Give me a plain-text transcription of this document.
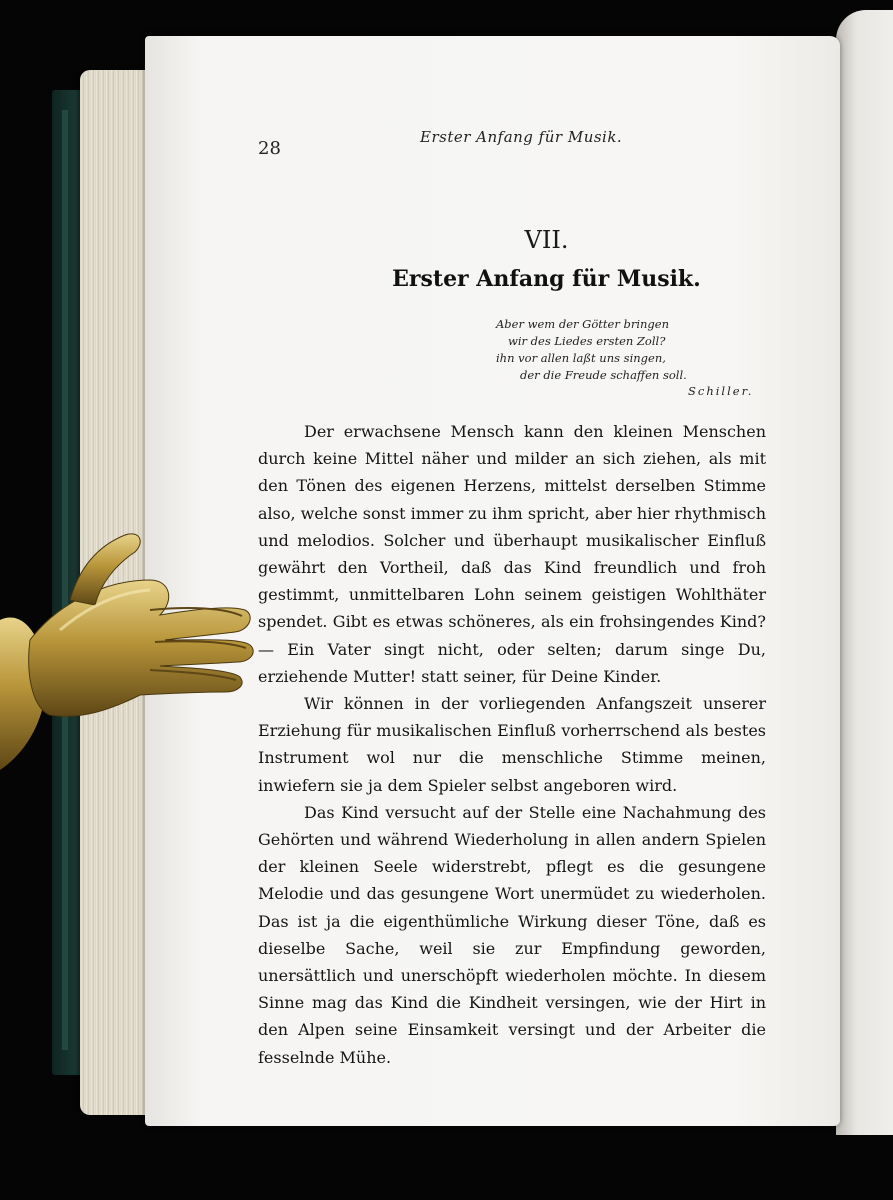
28
Erster Anfang für Musik.
VII.
Erster Anfang für Musik.
Aber wem der Götter bringen
wir des Liedes ersten Zoll?
ihn vor allen laßt uns singen,
der die Freude schaffen soll.
Schiller.

Der erwachsene Mensch kann den kleinen Menschen durch keine Mittel näher und milder an sich ziehen, als mit den Tönen des eigenen Herzens, mittelst derselben Stimme also, welche sonst immer zu ihm spricht, aber hier rhythmisch und melodios. Solcher und überhaupt musikalischer Einfluß gewährt den Vortheil, daß das Kind freundlich und froh gestimmt, unmittelbaren Lohn seinem geistigen Wohlthäter spendet. Gibt es etwas schöneres, als ein frohsingendes Kind? — Ein Vater singt nicht, oder selten; darum singe Du, erziehende Mutter! statt seiner, für Deine Kinder.

Wir können in der vorliegenden Anfangszeit unserer Erziehung für musikalischen Einfluß vorherrschend als bestes Instrument wol nur die menschliche Stimme meinen, inwiefern sie ja dem Spieler selbst angeboren wird.

Das Kind versucht auf der Stelle eine Nachahmung des Gehörten und während Wiederholung in allen andern Spielen der kleinen Seele widerstrebt, pflegt es die gesungene Melodie und das gesungene Wort unermüdet zu wiederholen. Das ist ja die eigenthümliche Wirkung dieser Töne, daß es dieselbe Sache, weil sie zur Empfindung geworden, unersättlich und unerschöpft wiederholen möchte. In diesem Sinne mag das Kind die Kindheit versingen, wie der Hirt in den Alpen seine Einsamkeit versingt und der Arbeiter die fesselnde Mühe.
